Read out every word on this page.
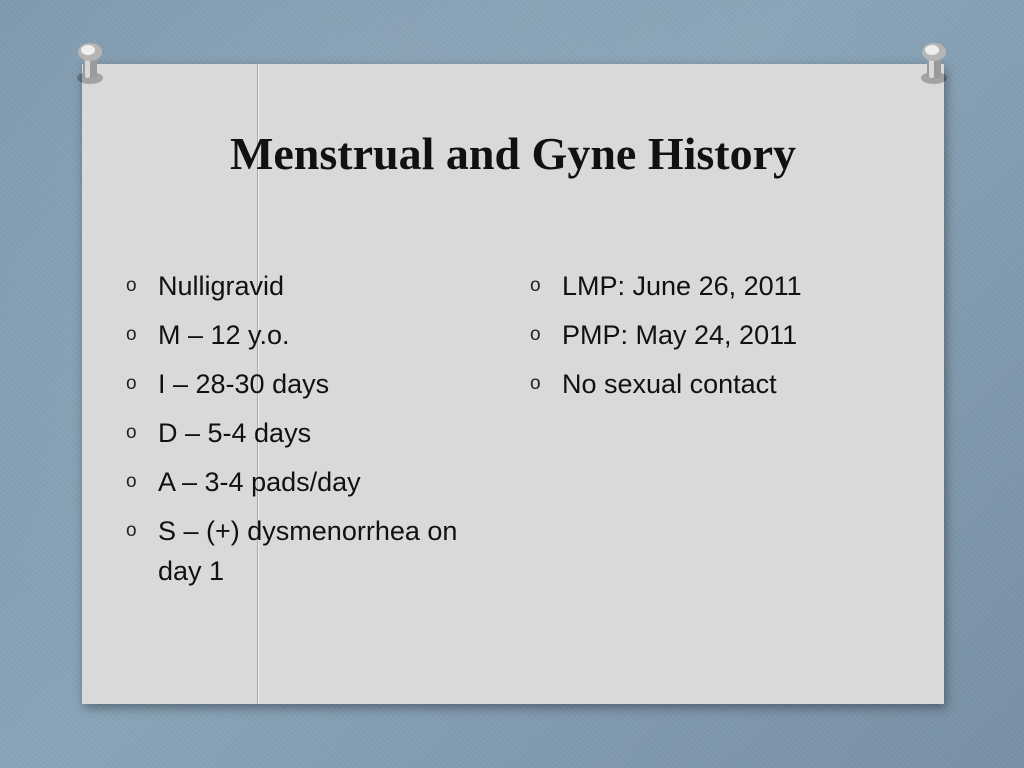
Menstrual and Gyne History
o Nulligravid
o M – 12 y.o.
o I – 28-30 days
o D – 5-4 days
o A – 3-4 pads/day
o S – (+) dysmenorrhea on day 1
o LMP: June 26, 2011
o PMP: May 24, 2011
o No sexual contact
